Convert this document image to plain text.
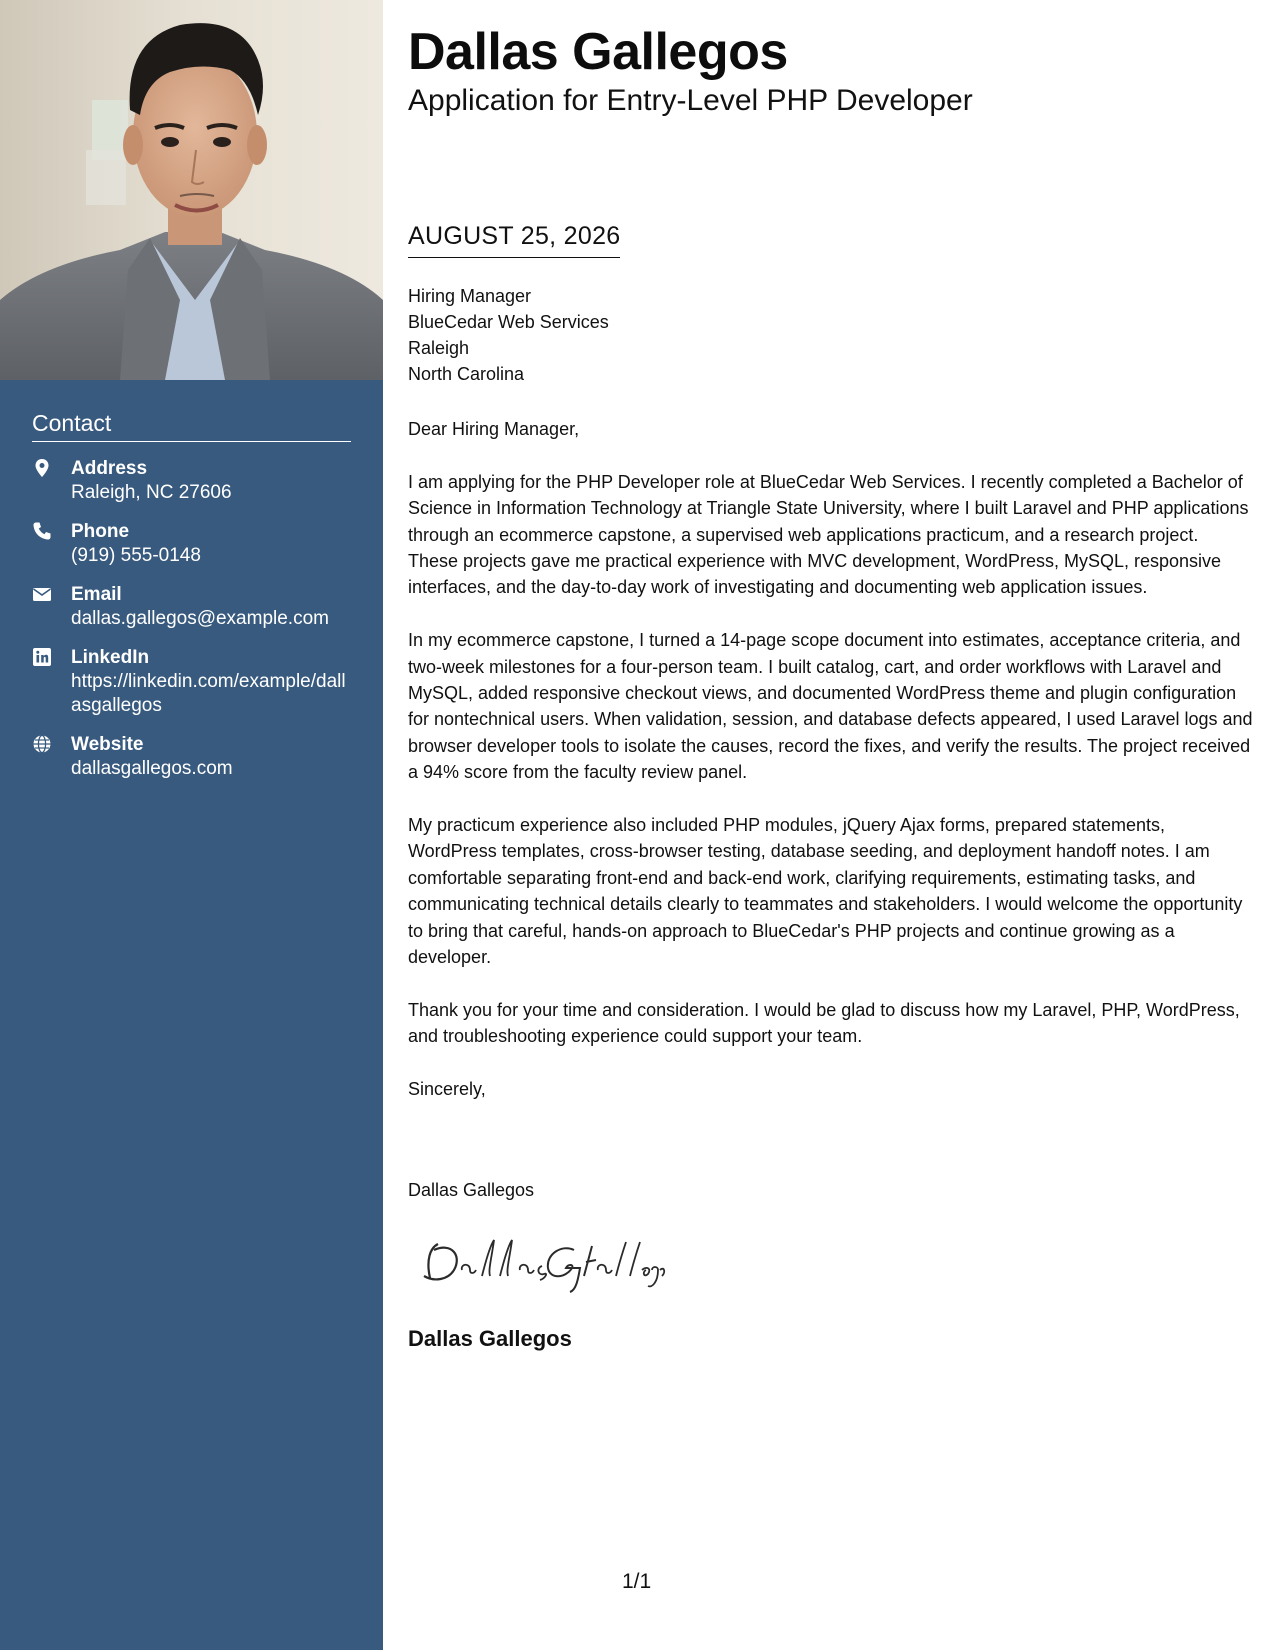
Contact
Address
Raleigh, NC 27606
Phone
(919) 555-0148
Email
dallas.gallegos@example.com
LinkedIn
https://linkedin.com/example/dallasgallegos
Website
dallasgallegos.com
Dallas Gallegos
Application for Entry-Level PHP Developer
AUGUST 25, 2026
Hiring Manager
BlueCedar Web Services
Raleigh
North Carolina

Dear Hiring Manager,

I am applying for the PHP Developer role at BlueCedar Web Services. I recently completed a Bachelor of Science in Information Technology at Triangle State University, where I built Laravel and PHP applications through an ecommerce capstone, a supervised web applications practicum, and a research project. These projects gave me practical experience with MVC development, WordPress, MySQL, responsive interfaces, and the day-to-day work of investigating and documenting web application issues.

In my ecommerce capstone, I turned a 14-page scope document into estimates, acceptance criteria, and two-week milestones for a four-person team. I built catalog, cart, and order workflows with Laravel and MySQL, added responsive checkout views, and documented WordPress theme and plugin configuration for nontechnical users. When validation, session, and database defects appeared, I used Laravel logs and browser developer tools to isolate the causes, record the fixes, and verify the results. The project received a 94% score from the faculty review panel.

My practicum experience also included PHP modules, jQuery Ajax forms, prepared statements, WordPress templates, cross-browser testing, database seeding, and deployment handoff notes. I am comfortable separating front-end and back-end work, clarifying requirements, estimating tasks, and communicating technical details clearly to teammates and stakeholders. I would welcome the opportunity to bring that careful, hands-on approach to BlueCedar's PHP projects and continue growing as a developer.

Thank you for your time and consideration. I would be glad to discuss how my Laravel, PHP, WordPress, and troubleshooting experience could support your team.

Sincerely,

Dallas Gallegos
Dallas Gallegos
1/1
